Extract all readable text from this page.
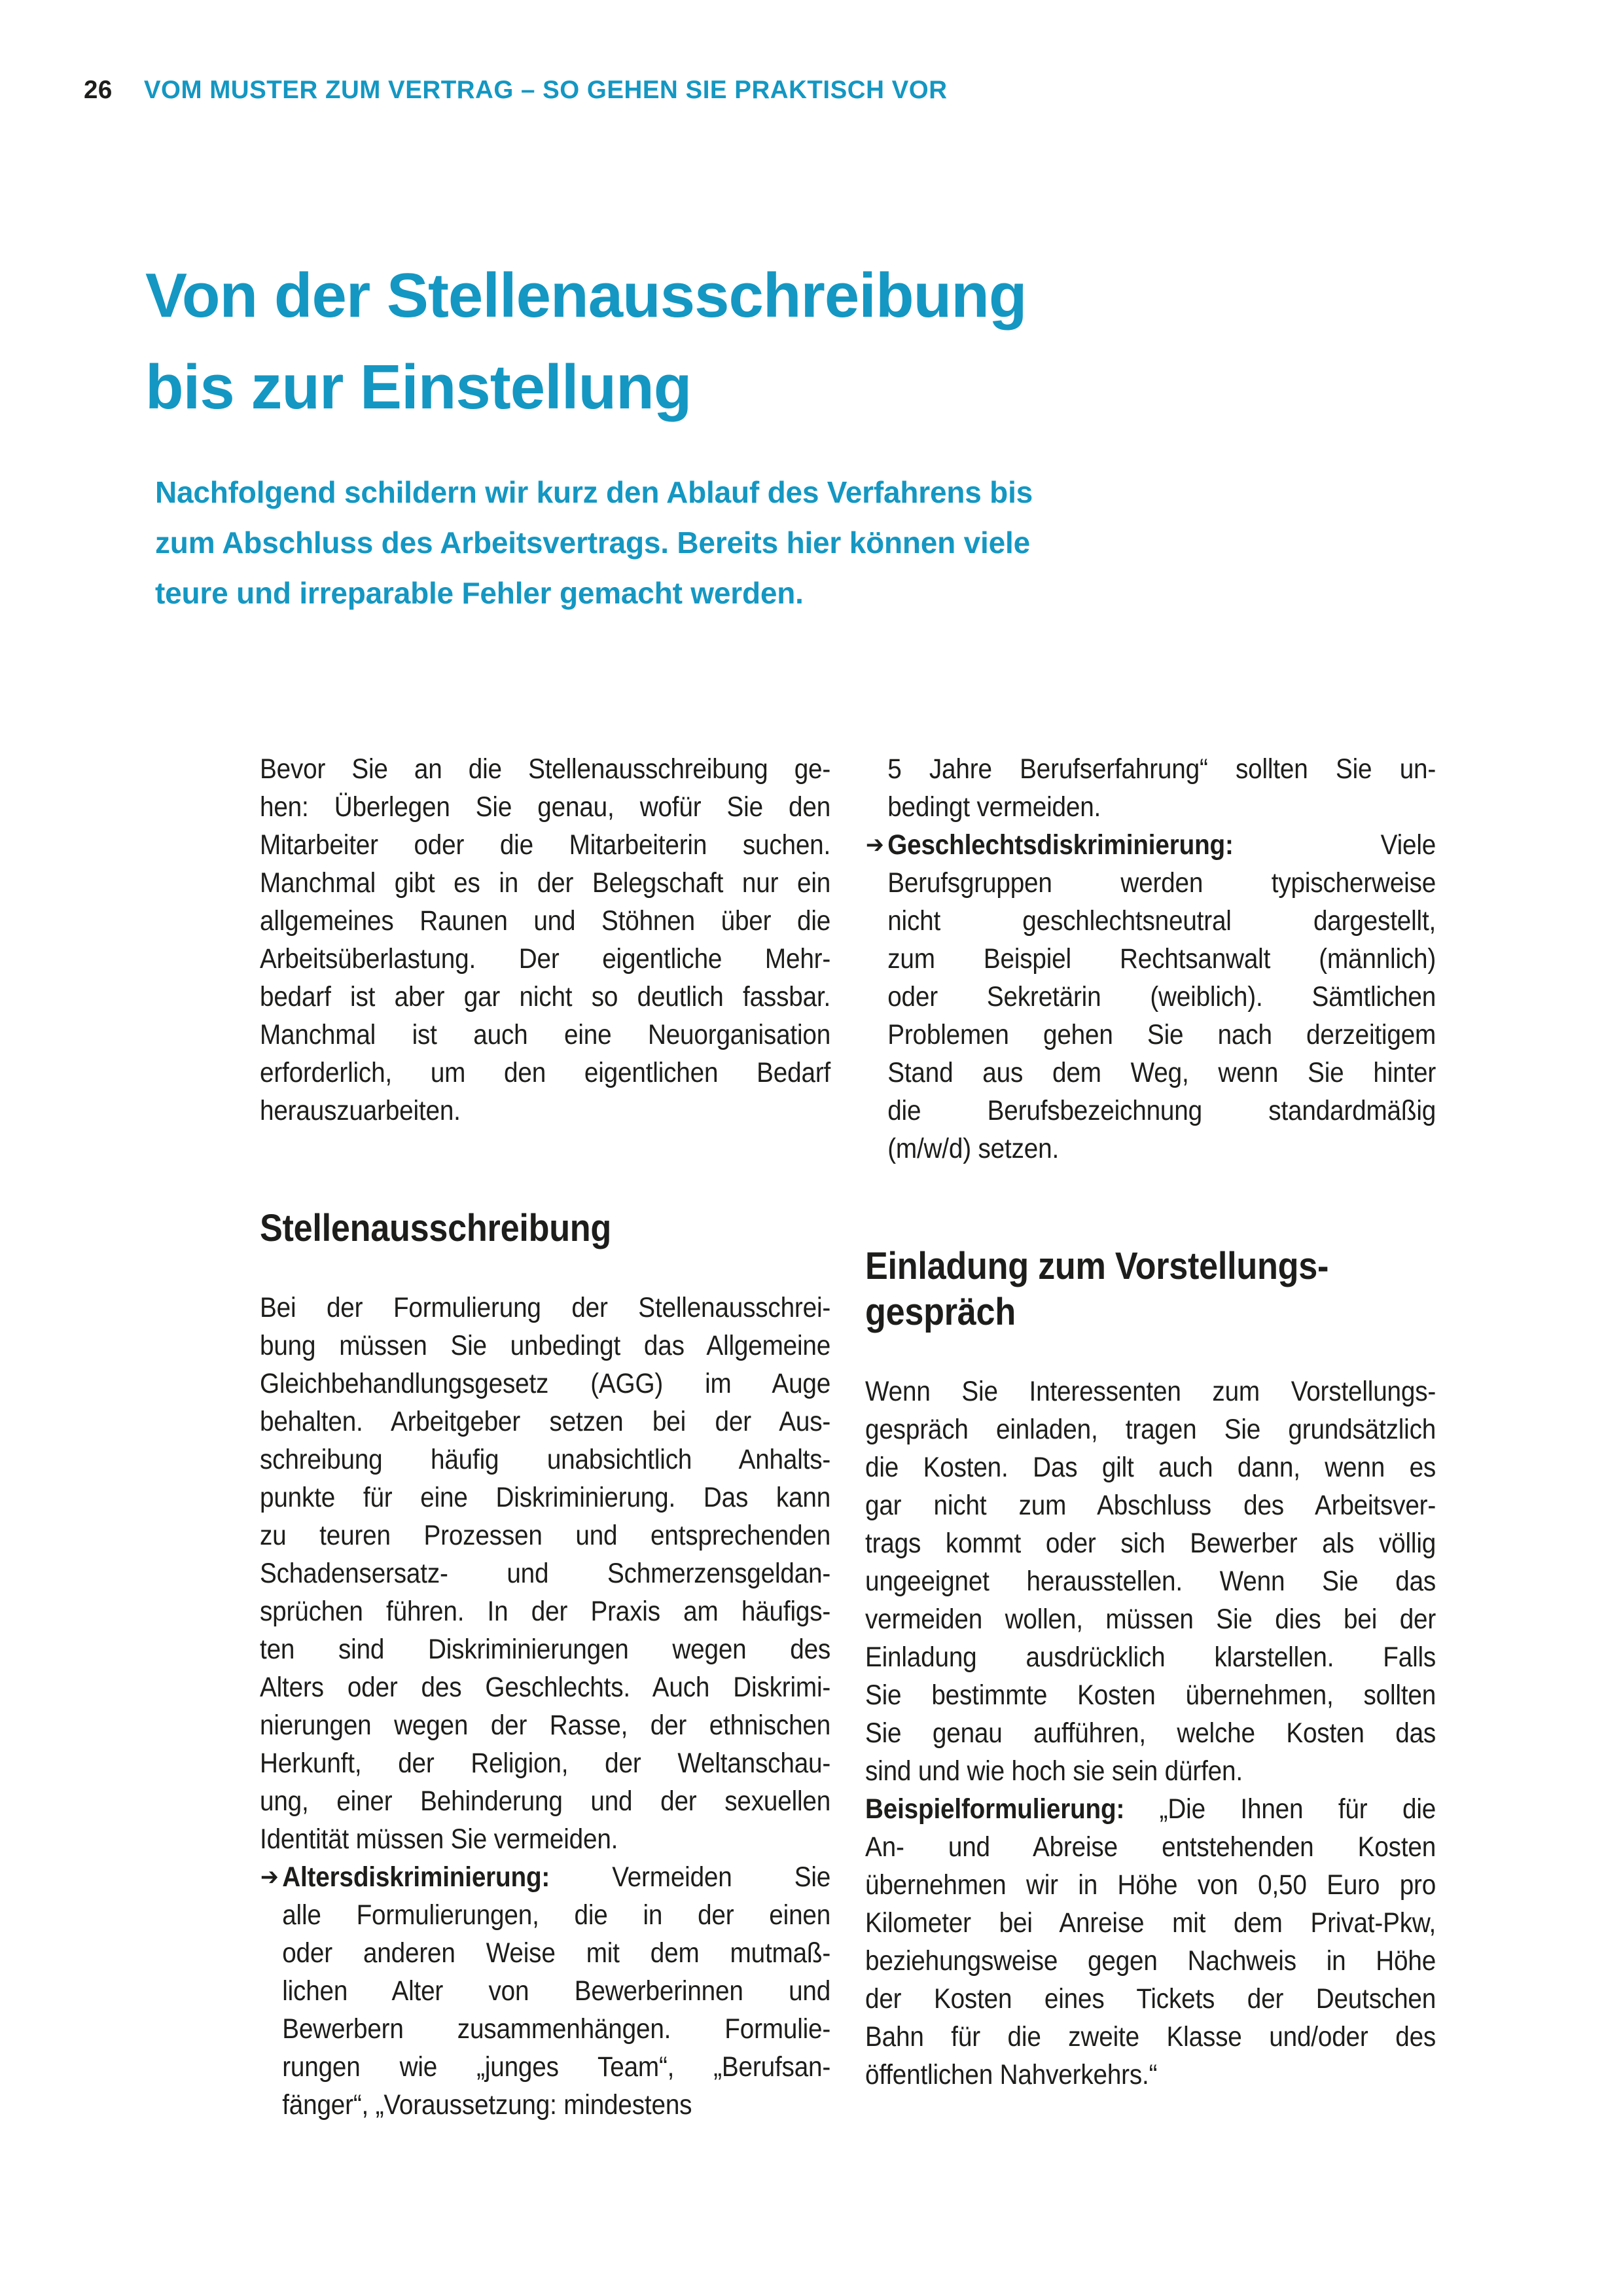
26 VOM MUSTER ZUM VERTRAG – SO GEHEN SIE PRAKTISCH VOR
Von der Stellenausschreibung
bis zur Einstellung

Nachfolgend schildern wir kurz den Ablauf des Verfahrens bis
zum Abschluss des Arbeitsvertrags. Bereits hier können viele
teure und irreparable Fehler gemacht werden.

Bevor Sie an die Stellenausschreibung ge-
hen: Überlegen Sie genau, wofür Sie den
Mitarbeiter oder die Mitarbeiterin suchen.
Manchmal gibt es in der Belegschaft nur ein
allgemeines Raunen und Stöhnen über die
Arbeitsüberlastung. Der eigentliche Mehr-
bedarf ist aber gar nicht so deutlich fassbar.
Manchmal ist auch eine Neuorganisation
erforderlich, um den eigentlichen Bedarf
herauszuarbeiten.
Stellenausschreibung
Bei der Formulierung der Stellenausschrei-
bung müssen Sie unbedingt das Allgemeine
Gleichbehandlungsgesetz (AGG) im Auge
behalten. Arbeitgeber setzen bei der Aus-
schreibung häufig unabsichtlich Anhalts-
punkte für eine Diskriminierung. Das kann
zu teuren Prozessen und entsprechenden
Schadensersatz- und Schmerzensgeldan-
sprüchen führen. In der Praxis am häufigs-
ten sind Diskriminierungen wegen des
Alters oder des Geschlechts. Auch Diskrimi-
nierungen wegen der Rasse, der ethnischen
Herkunft, der Religion, der Weltanschau-
ung, einer Behinderung und der sexuellen
Identität müssen Sie vermeiden.
➔ Altersdiskriminierung: Vermeiden Sie
alle Formulierungen, die in der einen
oder anderen Weise mit dem mutmaß-
lichen Alter von Bewerberinnen und
Bewerbern zusammenhängen. Formulie-
rungen wie „junges Team“, „Berufsan-
fänger“, „Voraussetzung: mindestens
5 Jahre Berufserfahrung“ sollten Sie un-
bedingt vermeiden.
➔ Geschlechtsdiskriminierung: Viele
Berufsgruppen werden typischerweise
nicht geschlechtsneutral dargestellt,
zum Beispiel Rechtsanwalt (männlich)
oder Sekretärin (weiblich). Sämtlichen
Problemen gehen Sie nach derzeitigem
Stand aus dem Weg, wenn Sie hinter
die Berufsbezeichnung standardmäßig
(m/w/d) setzen.
Einladung zum Vorstellungs-
gespräch
Wenn Sie Interessenten zum Vorstellungs-
gespräch einladen, tragen Sie grundsätzlich
die Kosten. Das gilt auch dann, wenn es
gar nicht zum Abschluss des Arbeitsver-
trags kommt oder sich Bewerber als völlig
ungeeignet herausstellen. Wenn Sie das
vermeiden wollen, müssen Sie dies bei der
Einladung ausdrücklich klarstellen. Falls
Sie bestimmte Kosten übernehmen, sollten
Sie genau aufführen, welche Kosten das
sind und wie hoch sie sein dürfen.
Beispielformulierung: „Die Ihnen für die
An- und Abreise entstehenden Kosten
übernehmen wir in Höhe von 0,50 Euro pro
Kilometer bei Anreise mit dem Privat-Pkw,
beziehungsweise gegen Nachweis in Höhe
der Kosten eines Tickets der Deutschen
Bahn für die zweite Klasse und/oder des
öffentlichen Nahverkehrs.“
